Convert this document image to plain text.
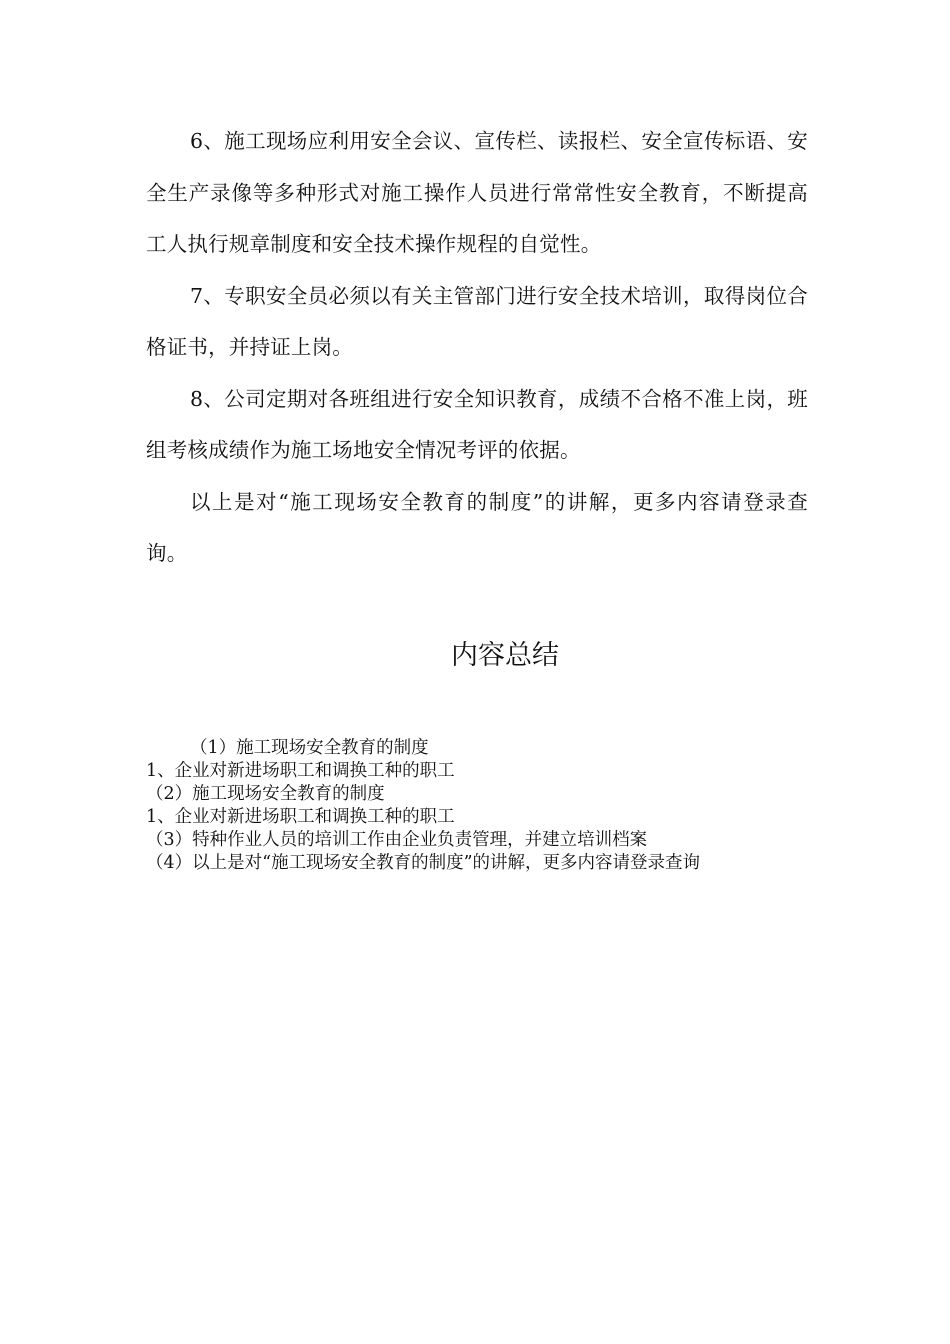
6、施工现场应利用安全会议、宣传栏、读报栏、安全宣传标语、安全生产录像等多种形式对施工操作人员进行常常性安全教育，不断提高工人执行规章制度和安全技术操作规程的自觉性。

7、专职安全员必须以有关主管部门进行安全技术培训，取得岗位合格证书，并持证上岗。

8、公司定期对各班组进行安全知识教育，成绩不合格不准上岗，班组考核成绩作为施工场地安全情况考评的依据。

以上是对“施工现场安全教育的制度”的讲解，更多内容请登录查询。

内容总结

（1）施工现场安全教育的制度

1、企业对新进场职工和调换工种的职工

（2）施工现场安全教育的制度

1、企业对新进场职工和调换工种的职工

（3）特种作业人员的培训工作由企业负责管理，并建立培训档案

（4）以上是对“施工现场安全教育的制度”的讲解，更多内容请登录查询
